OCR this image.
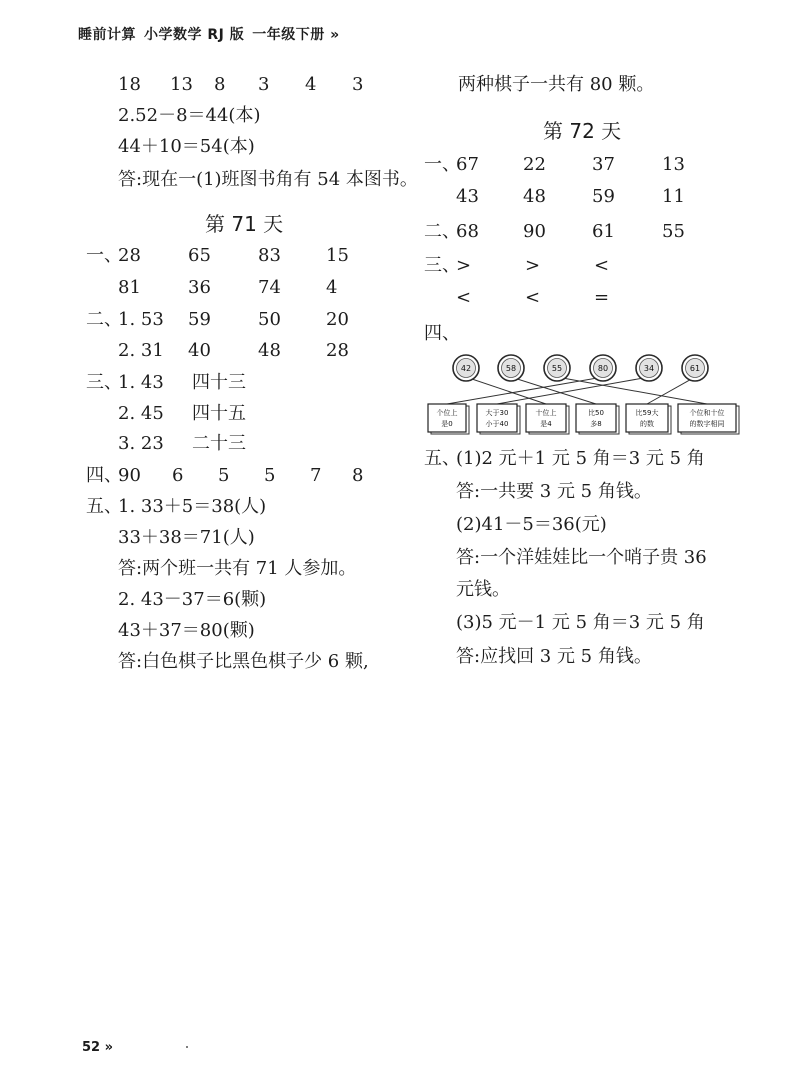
睡前计算 小学数学 RJ 版 一年级下册 »
18 13 8 3 4 3
2.52－8＝44(本)
44＋10＝54(本)
答:现在一(1)班图书角有 54 本图书。
第 71 天
一、
28	65	83	15
81	36	74	4
二、
1. 53 59	50	20
2. 31 40	48	28
三、
1. 43 四十三
2. 45 四十五
3. 23 二十三
四、
90 6 5 5 7 8
五、
1. 33＋5＝38(人)
33＋38＝71(人)
答:两个班一共有 71 人参加。
2. 43－37＝6(颗)
43＋37＝80(颗)
答:白色棋子比黑色棋子少 6 颗,
两种棋子一共有 80 颗。
第 72 天
一、
67 22	37	13
43 48	59	11
二、
68 90	61	55
三、
>	>	<
<	<	=
四、
42	58	55	80	34	61
个位上
是0
大于30
小于40
十位上
是4
比50
多8
比59大
的数
个位和十位
的数字相同
五、
(1)2 元＋1 元 5 角＝3 元 5 角
答:一共要 3 元 5 角钱。
(2)41－5＝36(元)
答:一个洋娃娃比一个哨子贵 36
元钱。
(3)5 元－1 元 5 角＝3 元 5 角
答:应找回 3 元 5 角钱。
52 »
